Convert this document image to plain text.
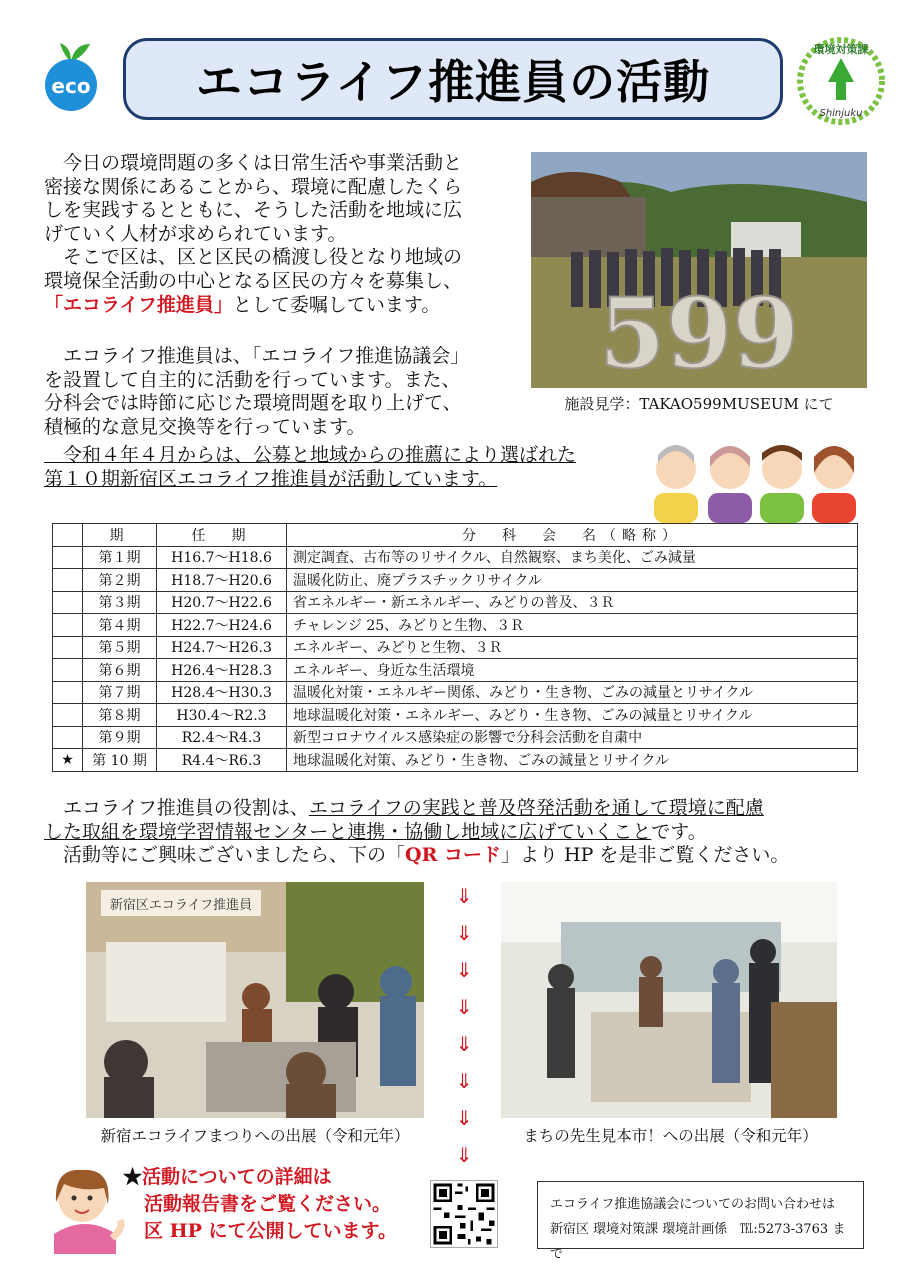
eco エコライフ推進員の活動
環境対策課
Shinjuku
　今日の環境問題の多くは日常生活や事業活動と
密接な関係にあることから、環境に配慮したくら
しを実践するとともに、そうした活動を地域に広
げていく人材が求められています。
　そこで区は、区と区民の橋渡し役となり地域の
環境保全活動の中心となる区民の方々を募集し、
「エコライフ推進員」として委嘱しています。
　エコライフ推進員は、「エコライフ推進協議会」
を設置して自主的に活動を行っています。また、
分科会では時節に応じた環境問題を取り上げて、
積極的な意見交換等を行っています。
　令和４年４月からは、公募と地域からの推薦により選ばれた
第１０期新宿区エコライフ推進員が活動しています。
599
施設見学：TAKAO599MUSEUM にて
	期	任　期	分　科　会　名（略称）
	第１期	H16.7〜H18.6	測定調査、古布等のリサイクル、自然観察、まち美化、ごみ減量
	第２期	H18.7〜H20.6	温暖化防止、廃プラスチックリサイクル
	第３期	H20.7〜H22.6	省エネルギー・新エネルギー、みどりの普及、３Ｒ
	第４期	H22.7〜H24.6	チャレンジ 25、みどりと生物、３Ｒ
	第５期	H24.7〜H26.3	エネルギー、みどりと生物、３Ｒ
	第６期	H26.4〜H28.3	エネルギー、身近な生活環境
	第７期	H28.4〜H30.3	温暖化対策・エネルギー関係、みどり・生き物、ごみの減量とリサイクル
	第８期	H30.4〜R2.3	地球温暖化対策・エネルギー、みどり・生き物、ごみの減量とリサイクル
	第９期	R2.4〜R4.3	新型コロナウイルス感染症の影響で分科会活動を自粛中
★	第 10 期	R4.4〜R6.3	地球温暖化対策、みどり・生き物、ごみの減量とリサイクル
　エコライフ推進員の役割は、エコライフの実践と普及啓発活動を通して環境に配慮
した取組を環境学習情報センターと連携・協働し地域に広げていくことです。
　活動等にご興味ございましたら、下の「QR コード」より HP を是非ご覧ください。
新宿区エコライフ推進員	⇓
⇓
⇓
⇓
⇓
⇓
⇓
⇓
新宿エコライフまつりへの出展（令和元年）	まちの先生見本市！への出展（令和元年）
★活動についての詳細は
活動報告書をご覧ください。
区 HP にて公開しています。
エコライフ推進協議会についてのお問い合わせは
新宿区 環境対策課 環境計画係　℡:5273-3763 まで
